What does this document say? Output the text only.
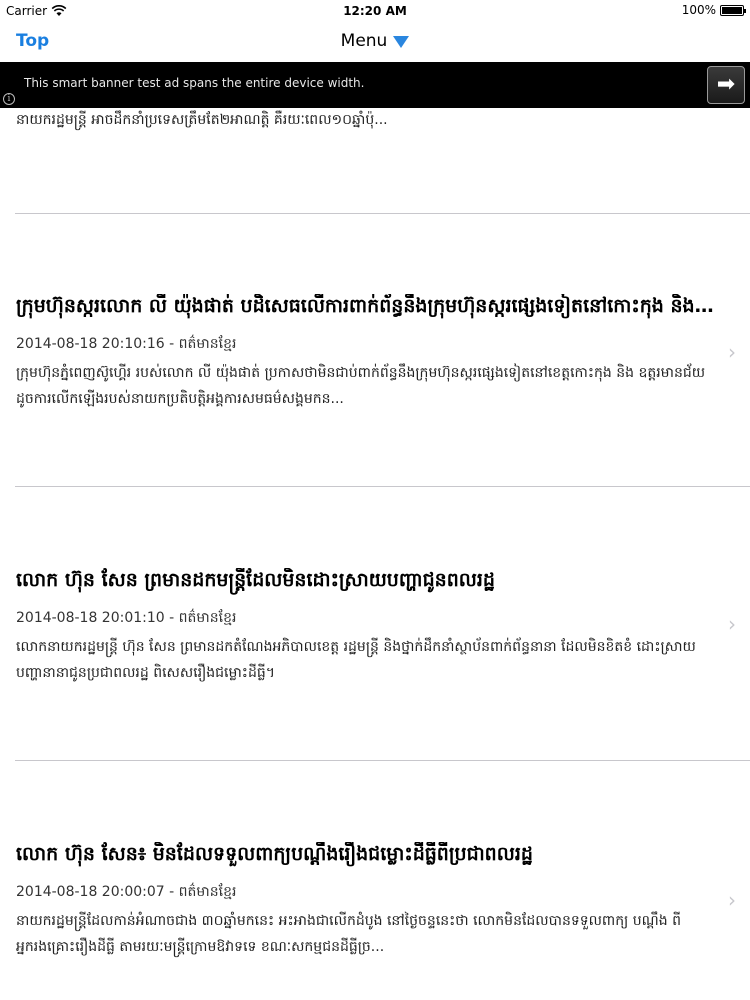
Carrier	12:20 AM	100%
Top	Menu
This smart banner test ad spans the entire device width.
i
➡
នាយករដ្ឋមន្ត្រី អាចដឹកនាំប្រទេសត្រឹមតែ២អាណត្តិ គឺរយៈពេល១០ឆ្នាំប៉ុ...
ក្រុមហ៊ុនស្ករលោក លី យ៉ុងផាត់ បដិសេធលើការពាក់ព័ន្ធនឹងក្រុមហ៊ុនស្ករផ្សេងទៀតនៅកោះកុង និង...
2014-08-18 20:10:16 - ពត៌មានខ្មែរ
ក្រុមហ៊ុនភ្នំពេញស៊ូហ្គើរ របស់លោក លី យ៉ុងផាត់ ប្រកាសថាមិនជាប់ពាក់ព័ន្ធនឹងក្រុមហ៊ុនស្ករផ្សេងទៀតនៅខេត្តកោះកុង និង ឧត្តរមានជ័យ ដូចការលើកឡើងរបស់នាយកប្រតិបត្តិអង្គការសមធម៌សង្គមកន...
›
លោក ហ៊ុន សែន ព្រមានដកមន្ត្រីដែលមិនដោះស្រាយបញ្ហាជូនពលរដ្ឋ
2014-08-18 20:01:10 - ពត៌មានខ្មែរ
លោកនាយករដ្ឋមន្ត្រី ហ៊ុន សែន ព្រមានដកតំណែងអភិបាលខេត្ត រដ្ឋមន្ត្រី និងថ្នាក់ដឹកនាំស្ថាប័នពាក់ព័ន្ធនានា ដែលមិនខិតខំ ដោះស្រាយបញ្ហានានាជូនប្រជាពលរដ្ឋ ពិសេសរឿងជម្លោះដីធ្លី។
›
លោក ហ៊ុន សែន៖ មិនដែលទទួលពាក្យបណ្ដឹងរឿងជម្លោះដីធ្លីពីប្រជាពលរដ្ឋ
2014-08-18 20:00:07 - ពត៌មានខ្មែរ
នាយករដ្ឋមន្ត្រីដែលកាន់អំណាចជាង ៣០ឆ្នាំមកនេះ អះអាងជាលើកដំបូង នៅថ្ងៃចន្ទនេះថា លោកមិនដែលបានទទួលពាក្យ បណ្ដឹង ពីអ្នករងគ្រោះរឿងដីធ្លី តាមរយៈមន្ត្រីក្រោមឱវាទទេ ខណៈសកម្មជនដីធ្លីច្រ...
›
